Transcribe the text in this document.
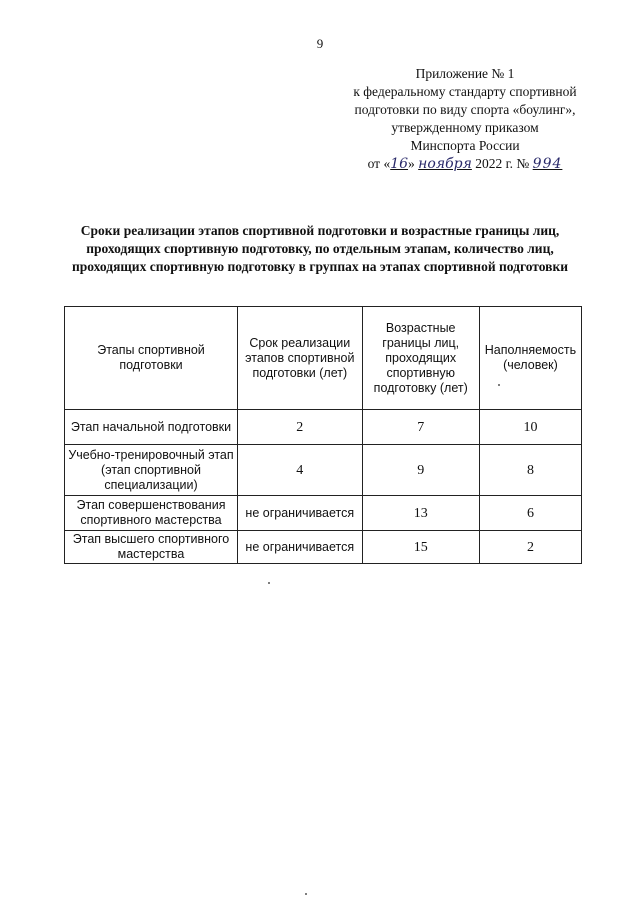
9
Приложение № 1
к федеральному стандарту спортивной
подготовки по виду спорта «боулинг»,
утвержденному приказом
Минспорта России
от «16» ноября 2022 г. № 994
Сроки реализации этапов спортивной подготовки и возрастные границы лиц, проходящих спортивную подготовку, по отдельным этапам, количество лиц, проходящих спортивную подготовку в группах на этапах спортивной подготовки
Этапы спортивной подготовки	Срок реализации этапов спортивной подготовки (лет)	Возрастные границы лиц, проходящих спортивную подготовку (лет)	Наполняемость (человек)
Этап начальной подготовки	2	7	10
Учебно-тренировочный этап (этап спортивной специализации)	4	9	8
Этап совершенствования спортивного мастерства	не ограничивается	13	6
Этап высшего спортивного мастерства	не ограничивается	15	2
